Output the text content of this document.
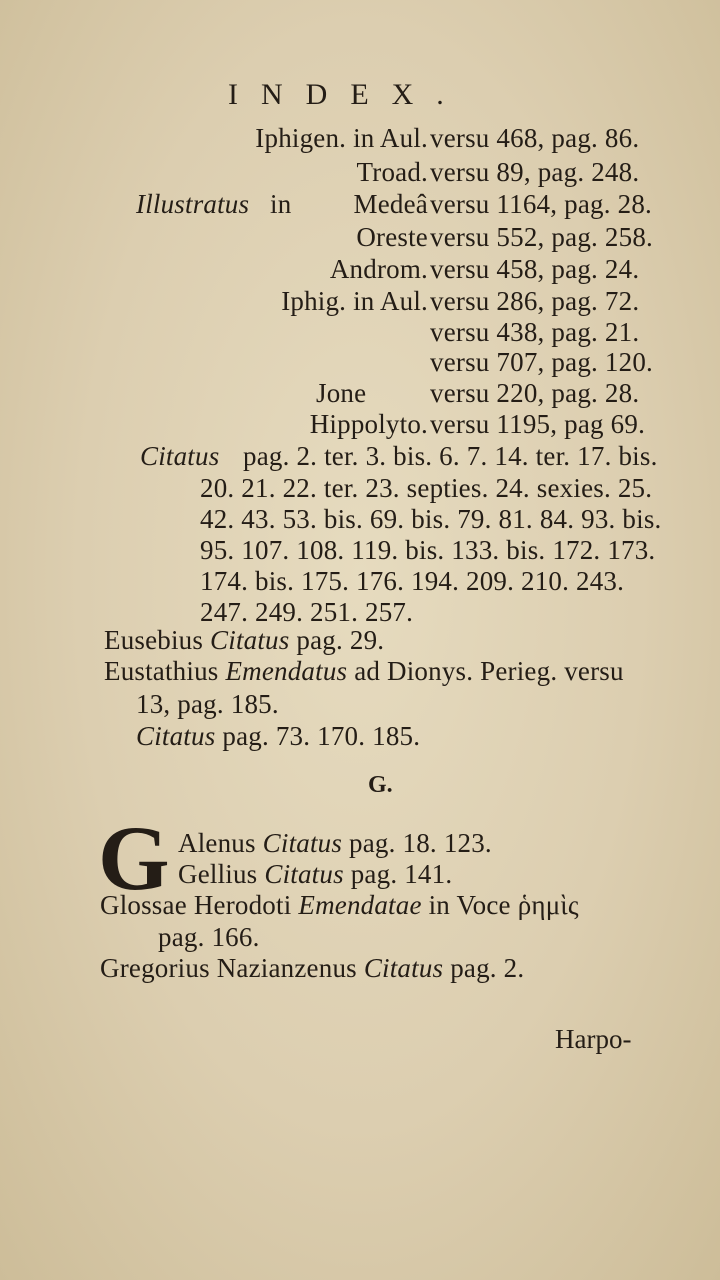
INDEX.
Iphigen. in Aul. versu 468, pag. 86.
Troad. versu 89, pag. 248.
Illustratus in Medeâ versu 1164, pag. 28.
Oreste versu 552, pag. 258.
Androm. versu 458, pag. 24.
Iphig. in Aul. versu 286, pag. 72.
versu 438, pag. 21.
versu 707, pag. 120.
Jone versu 220, pag. 28.
Hippolyto. versu 1195, pag 69.
Citatus pag. 2. ter. 3. bis. 6. 7. 14. ter. 17. bis.
20. 21. 22. ter. 23. septies. 24. sexies. 25.
42. 43. 53. bis. 69. bis. 79. 81. 84. 93. bis.
95. 107. 108. 119. bis. 133. bis. 172. 173.
174. bis. 175. 176. 194. 209. 210. 243.
247. 249. 251. 257.
Eusebius Citatus pag. 29.
Eustathius Emendatus ad Dionys. Perieg. versu
13, pag. 185.
Citatus pag. 73. 170. 185.
G.
G Alenus Citatus pag. 18. 123.
Gellius Citatus pag. 141.
Glossae Herodoti Emendatae in Voce ῥημὶς
pag. 166.
Gregorius Nazianzenus Citatus pag. 2.
Harpo-
